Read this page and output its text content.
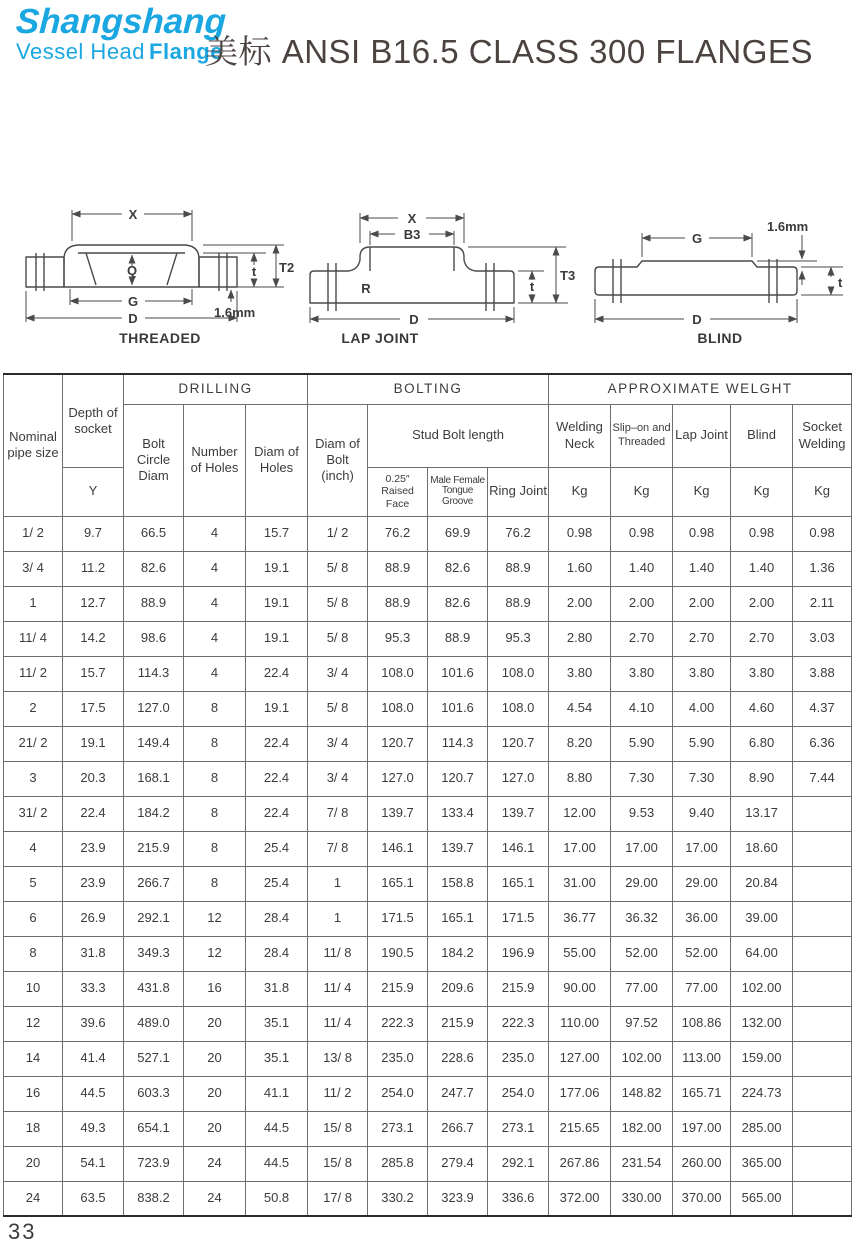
Shangshang
Vessel Head Flange
美标 ANSI B16.5 CLASS 300 FLANGES
X
Q
G
D
t T2
1.6mm
THREADED
R
X
B3
D
t
T3
LAP JOINT
G
D
1.6mm
t
BLIND
Nominal pipe size	Depth of socket	DRILLING			BOLTING				APPROXIMATE WELGHT				
		Bolt Circle Diam	Number of Holes	Diam of Holes	Diam of Bolt (inch)	Stud Bolt length			Welding Neck	Slip–on and Threaded	Lap Joint	Blind	Socket Welding
	Y					0.25″ Raised Face	Male Female Tongue Groove	Ring Joint	Kg	Kg	Kg	Kg	Kg
1/ 2	9.7	66.5	4	15.7	1/ 2	76.2	69.9	76.2	0.98	0.98	0.98	0.98	0.98
3/ 4	11.2	82.6	4	19.1	5/ 8	88.9	82.6	88.9	1.60	1.40	1.40	1.40	1.36
1	12.7	88.9	4	19.1	5/ 8	88.9	82.6	88.9	2.00	2.00	2.00	2.00	2.11
11/ 4	14.2	98.6	4	19.1	5/ 8	95.3	88.9	95.3	2.80	2.70	2.70	2.70	3.03
11/ 2	15.7	114.3	4	22.4	3/ 4	108.0	101.6	108.0	3.80	3.80	3.80	3.80	3.88
2	17.5	127.0	8	19.1	5/ 8	108.0	101.6	108.0	4.54	4.10	4.00	4.60	4.37
21/ 2	19.1	149.4	8	22.4	3/ 4	120.7	114.3	120.7	8.20	5.90	5.90	6.80	6.36
3	20.3	168.1	8	22.4	3/ 4	127.0	120.7	127.0	8.80	7.30	7.30	8.90	7.44
31/ 2	22.4	184.2	8	22.4	7/ 8	139.7	133.4	139.7	12.00	9.53	9.40	13.17	
4	23.9	215.9	8	25.4	7/ 8	146.1	139.7	146.1	17.00	17.00	17.00	18.60	
5	23.9	266.7	8	25.4	1	165.1	158.8	165.1	31.00	29.00	29.00	20.84	
6	26.9	292.1	12	28.4	1	171.5	165.1	171.5	36.77	36.32	36.00	39.00	
8	31.8	349.3	12	28.4	11/ 8	190.5	184.2	196.9	55.00	52.00	52.00	64.00	
10	33.3	431.8	16	31.8	11/ 4	215.9	209.6	215.9	90.00	77.00	77.00	102.00	
12	39.6	489.0	20	35.1	11/ 4	222.3	215.9	222.3	110.00	97.52	108.86	132.00	
14	41.4	527.1	20	35.1	13/ 8	235.0	228.6	235.0	127.00	102.00	113.00	159.00	
16	44.5	603.3	20	41.1	11/ 2	254.0	247.7	254.0	177.06	148.82	165.71	224.73	
18	49.3	654.1	20	44.5	15/ 8	273.1	266.7	273.1	215.65	182.00	197.00	285.00	
20	54.1	723.9	24	44.5	15/ 8	285.8	279.4	292.1	267.86	231.54	260.00	365.00	
24	63.5	838.2	24	50.8	17/ 8	330.2	323.9	336.6	372.00	330.00	370.00	565.00	
33
